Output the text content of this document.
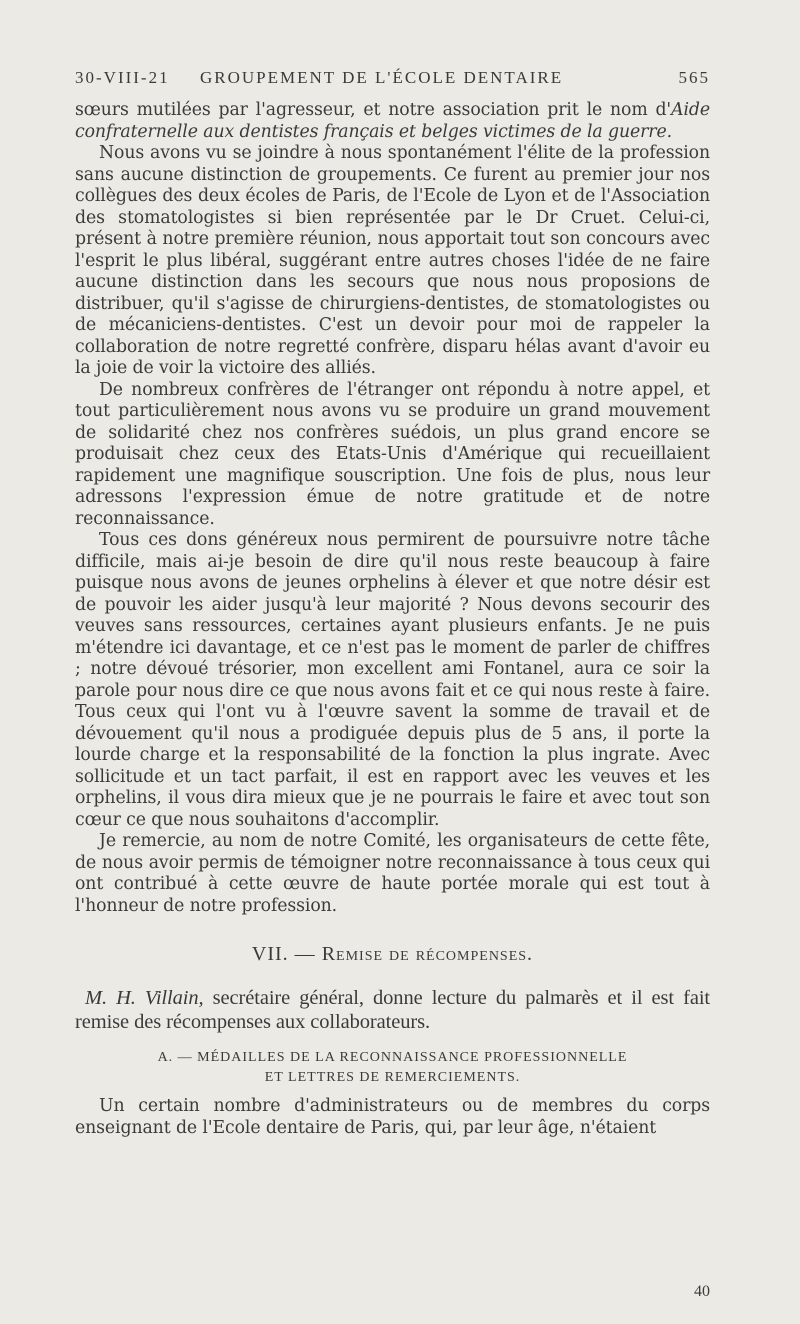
30-VIII-21 GROUPEMENT DE L'ÉCOLE DENTAIRE	565

sœurs mutilées par l'agresseur, et notre association prit le nom d'Aide confraternelle aux dentistes français et belges victimes de la guerre.

Nous avons vu se joindre à nous spontanément l'élite de la profession sans aucune distinction de groupements. Ce furent au premier jour nos collègues des deux écoles de Paris, de l'Ecole de Lyon et de l'Association des stomatologistes si bien représentée par le Dr Cruet. Celui-ci, présent à notre première réunion, nous apportait tout son concours avec l'esprit le plus libéral, suggérant entre autres choses l'idée de ne faire aucune distinction dans les secours que nous nous proposions de distribuer, qu'il s'agisse de chirurgiens-dentistes, de stomatologistes ou de mécaniciens-dentistes. C'est un devoir pour moi de rappeler la collaboration de notre regretté confrère, disparu hélas avant d'avoir eu la joie de voir la victoire des alliés.

De nombreux confrères de l'étranger ont répondu à notre appel, et tout particulièrement nous avons vu se produire un grand mouvement de solidarité chez nos confrères suédois, un plus grand encore se produisait chez ceux des Etats-Unis d'Amérique qui recueillaient rapidement une magnifique souscription. Une fois de plus, nous leur adressons l'expression émue de notre gratitude et de notre reconnaissance.

Tous ces dons généreux nous permirent de poursuivre notre tâche difficile, mais ai-je besoin de dire qu'il nous reste beaucoup à faire puisque nous avons de jeunes orphelins à élever et que notre désir est de pouvoir les aider jusqu'à leur majorité ? Nous devons secourir des veuves sans ressources, certaines ayant plusieurs enfants. Je ne puis m'étendre ici davantage, et ce n'est pas le moment de parler de chiffres ; notre dévoué trésorier, mon excellent ami Fontanel, aura ce soir la parole pour nous dire ce que nous avons fait et ce qui nous reste à faire. Tous ceux qui l'ont vu à l'œuvre savent la somme de travail et de dévouement qu'il nous a prodiguée depuis plus de 5 ans, il porte la lourde charge et la responsabilité de la fonction la plus ingrate. Avec sollicitude et un tact parfait, il est en rapport avec les veuves et les orphelins, il vous dira mieux que je ne pourrais le faire et avec tout son cœur ce que nous souhaitons d'accomplir.

Je remercie, au nom de notre Comité, les organisateurs de cette fête, de nous avoir permis de témoigner notre reconnaissance à tous ceux qui ont contribué à cette œuvre de haute portée morale qui est tout à l'honneur de notre profession.

VII. — Remise de récompenses.

M. H. Villain, secrétaire général, donne lecture du palmarès et il est fait remise des récompenses aux collaborateurs.

A. — MÉDAILLES DE LA RECONNAISSANCE PROFESSIONNELLE
ET LETTRES DE REMERCIEMENTS.

Un certain nombre d'administrateurs ou de membres du corps enseignant de l'Ecole dentaire de Paris, qui, par leur âge, n'étaient

40
